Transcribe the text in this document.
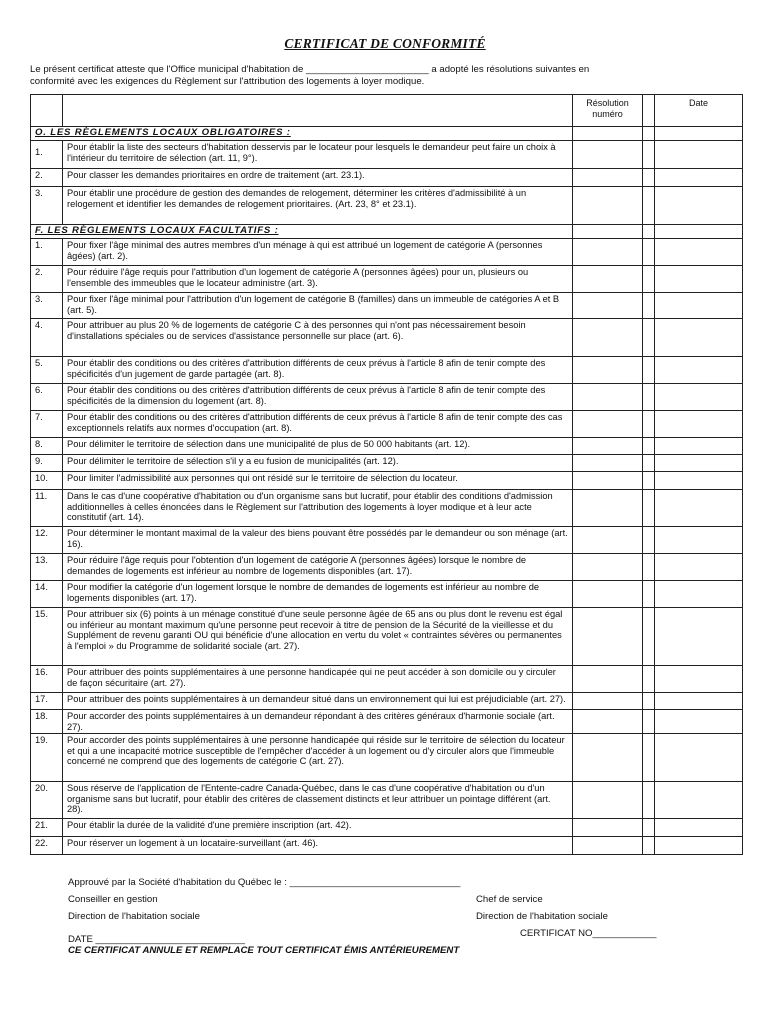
CERTIFICAT DE CONFORMITÉ
Le présent certificat atteste que l'Office municipal d'habitation de _______________________ a adopté les résolutions suivantes en
conformité avec les exigences du Règlement sur l'attribution des logements à loyer modique.
		Résolution numéro		Date
O. LES RÈGLEMENTS LOCAUX OBLIGATOIRES :				
1.	Pour établir la liste des secteurs d'habitation desservis par le locateur pour lesquels le demandeur peut faire un choix à l'intérieur du territoire de sélection (art. 11, 9°).			
2.	Pour classer les demandes prioritaires en ordre de traitement (art. 23.1).			
3.	Pour établir une procédure de gestion des demandes de relogement, déterminer les critères d'admissibilité à un relogement et identifier les demandes de relogement prioritaires. (Art. 23, 8° et 23.1).			
F. LES RÈGLEMENTS LOCAUX FACULTATIFS :				
1.	Pour fixer l'âge minimal des autres membres d'un ménage à qui est attribué un logement de catégorie A (personnes âgées) (art. 2).			
2.	Pour réduire l'âge requis pour l'attribution d'un logement de catégorie A (personnes âgées) pour un, plusieurs ou l'ensemble des immeubles que le locateur administre (art. 3).			
3.	Pour fixer l'âge minimal pour l'attribution d'un logement de catégorie B (familles) dans un immeuble de catégories A et B (art. 5).			
4.	Pour attribuer au plus 20 % de logements de catégorie C à des personnes qui n'ont pas nécessairement besoin d'installations spéciales ou de services d'assistance personnelle sur place (art. 6).			
5.	Pour établir des conditions ou des critères d'attribution différents de ceux prévus à l'article 8 afin de tenir compte des spécificités d'un jugement de garde partagée (art. 8).			
6.	Pour établir des conditions ou des critères d'attribution différents de ceux prévus à l'article 8 afin de tenir compte des spécificités de la dimension du logement (art. 8).			
7.	Pour établir des conditions ou des critères d'attribution différents de ceux prévus à l'article 8 afin de tenir compte des cas exceptionnels relatifs aux normes d'occupation (art. 8).			
8.	Pour délimiter le territoire de sélection dans une municipalité de plus de 50 000 habitants (art. 12).			
9.	Pour délimiter le territoire de sélection s'il y a eu fusion de municipalités (art. 12).			
10.	Pour limiter l'admissibilité aux personnes qui ont résidé sur le territoire de sélection du locateur.			
11.	Dans le cas d'une coopérative d'habitation ou d'un organisme sans but lucratif, pour établir des conditions d'admission additionnelles à celles énoncées dans le Règlement sur l'attribution des logements à loyer modique et à leur acte constitutif (art. 14).			
12.	Pour déterminer le montant maximal de la valeur des biens pouvant être possédés par le demandeur ou son ménage (art. 16).			
13.	Pour réduire l'âge requis pour l'obtention d'un logement de catégorie A (personnes âgées) lorsque le nombre de demandes de logements est inférieur au nombre de logements disponibles (art. 17).			
14.	Pour modifier la catégorie d'un logement lorsque le nombre de demandes de logements est inférieur au nombre de logements disponibles (art. 17).			
15.	Pour attribuer six (6) points à un ménage constitué d'une seule personne âgée de 65 ans ou plus dont le revenu est égal ou inférieur au montant maximum qu'une personne peut recevoir à titre de pension de la Sécurité de la vieillesse et du Supplément de revenu garanti OU qui bénéficie d'une allocation en vertu du volet « contraintes sévères ou permanentes à l'emploi » du Programme de solidarité sociale (art. 27).			
16.	Pour attribuer des points supplémentaires à une personne handicapée qui ne peut accéder à son domicile ou y circuler de façon sécuritaire (art. 27).			
17.	Pour attribuer des points supplémentaires à un demandeur situé dans un environnement qui lui est préjudiciable (art. 27).			
18.	Pour accorder des points supplémentaires à un demandeur répondant à des critères généraux d'harmonie sociale (art. 27).			
19.	Pour accorder des points supplémentaires à une personne handicapée qui réside sur le territoire de sélection du locateur et qui a une incapacité motrice susceptible de l'empêcher d'accéder à un logement ou d'y circuler alors que l'immeuble concerné ne comprend que des logements de catégorie C (art. 27).			
20.	Sous réserve de l'application de l'Entente-cadre Canada-Québec, dans le cas d'une coopérative d'habitation ou d'un organisme sans but lucratif, pour établir des critères de classement distincts et leur attribuer un pointage différent (art. 28).			
21.	Pour établir la durée de la validité d'une première inscription (art. 42).			
22.	Pour réserver un logement à un locataire-surveillant (art. 46).			
Approuvé par la Société d'habitation du Québec le : ________________________________
Conseiller en gestion	Chef de service
Direction de l'habitation sociale	Direction de l'habitation sociale
CERTIFICAT NO____________
DATE ____________________________
CE CERTIFICAT ANNULE ET REMPLACE TOUT CERTIFICAT ÉMIS ANTÉRIEUREMENT
